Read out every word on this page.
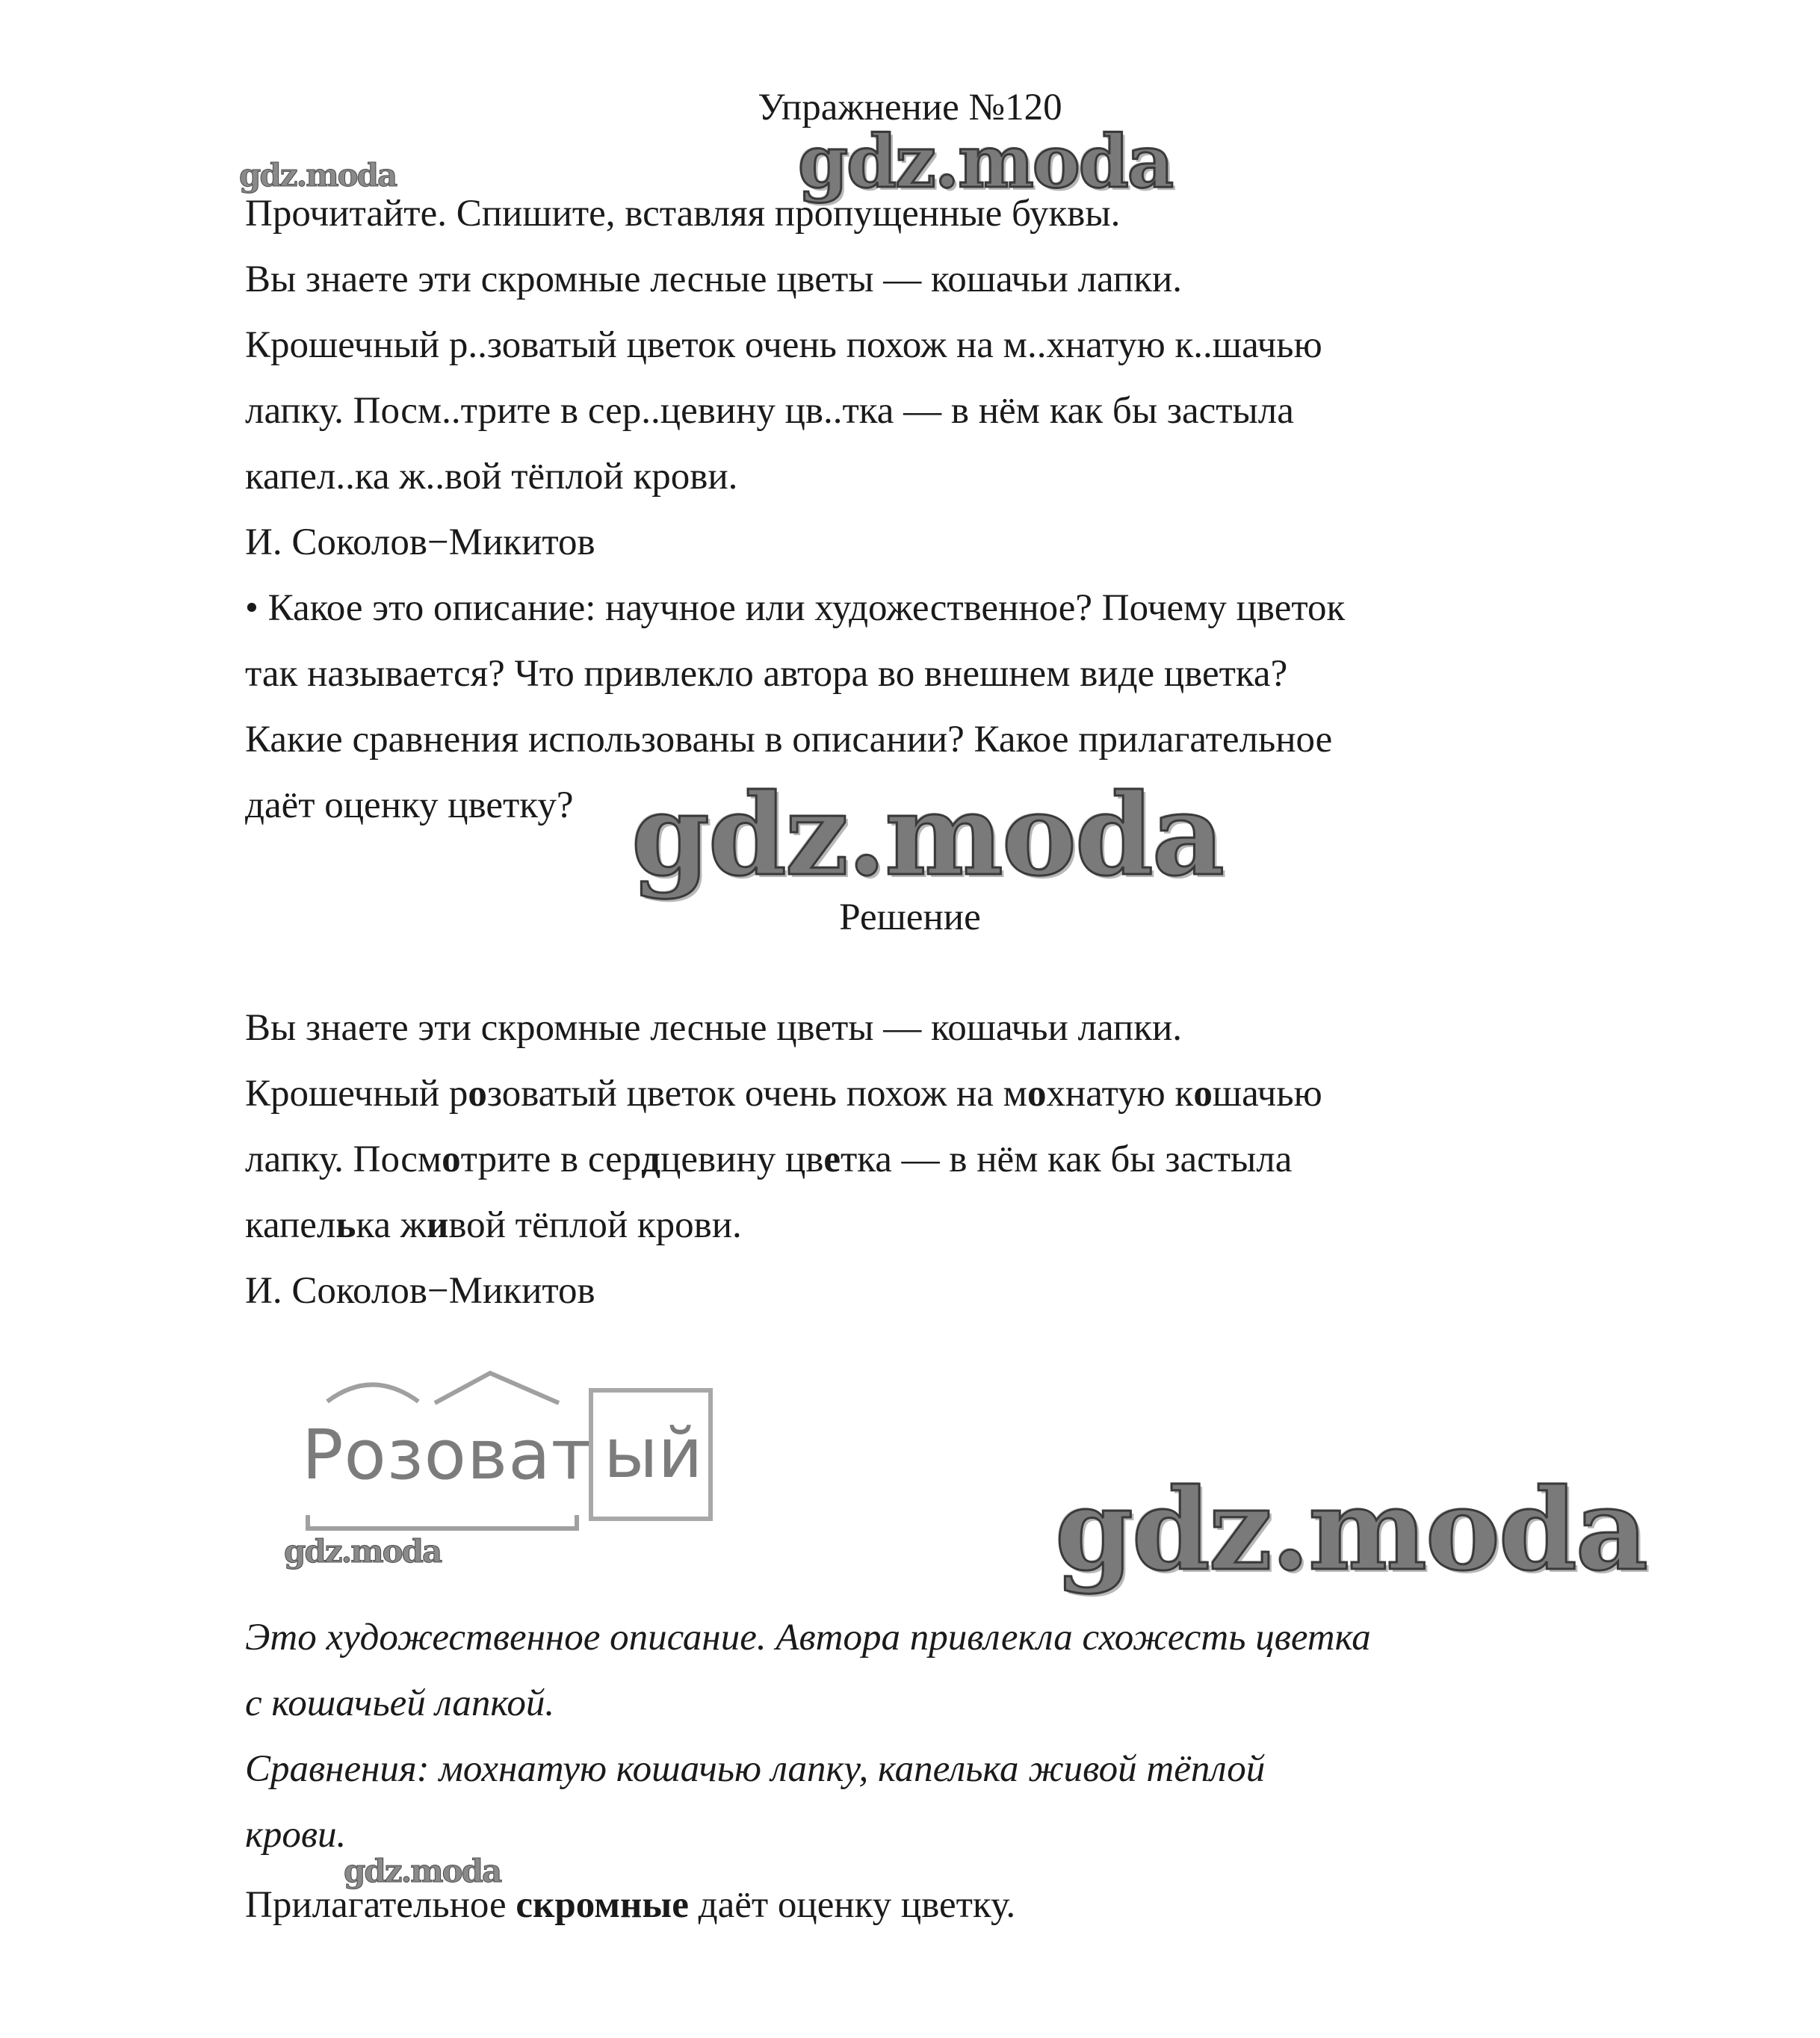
Упражнение №120
gdz.moda	gdz.moda
Прочитайте. Спишите, вставляя пропущенные буквы.
Вы знаете эти скромные лесные цветы — кошачьи лапки.
Крошечный р..зоватый цветок очень похож на м..хнатую к..шачью
лапку. Посм..трите в сер..цевину цв..тка — в нём как бы застыла
капел..ка ж..вой тёплой крови.
И. Соколов−Микитов
• Какое это описание: научное или художественное? Почему цветок
так называется? Что привлекло автора во внешнем виде цветка?
Какие сравнения использованы в описании? Какое прилагательное
даёт оценку цветку? gdz.moda
Решение
Вы знаете эти скромные лесные цветы — кошачьи лапки.
Крошечный розоватый цветок очень похож на мохнатую кошачью
лапку. Посмотрите в сердцевину цветка — в нём как бы застыла
капелька живой тёплой крови.
И. Соколов−Микитов
Розоват ый
gdz.moda	gdz.moda
Это художественное описание. Автора привлекла схожесть цветка
с кошачьей лапкой.
Сравнения: мохнатую кошачью лапку, капелька живой тёплой
крови.
gdz.moda
Прилагательное скромные даёт оценку цветку.
